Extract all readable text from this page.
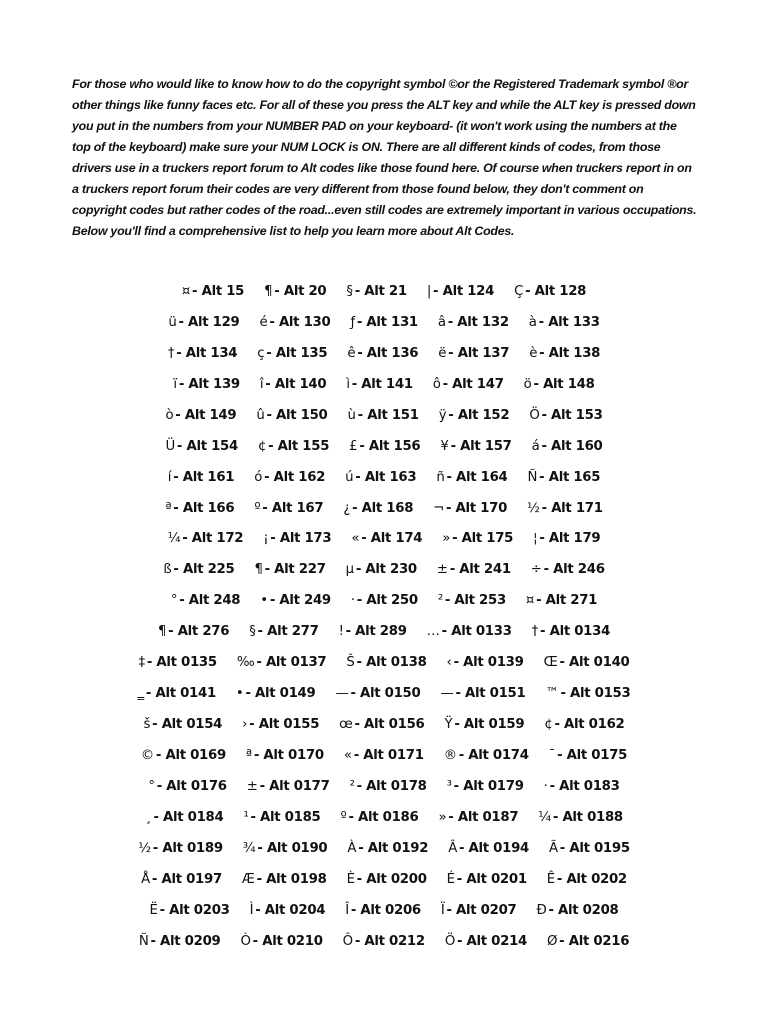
For those who would like to know how to do the copyright symbol ©or the Registered Trademark symbol ®or other things like funny faces etc. For all of these you press the ALT key and while the ALT key is pressed down you put in the numbers from your NUMBER PAD on your keyboard- (it won't work using the numbers at the top of the keyboard) make sure your NUM LOCK is ON. There are all different kinds of codes, from those drivers use in a truckers report forum to Alt codes like those found here. Of course when truckers report in on a truckers report forum their codes are very different from those found below, they don't comment on copyright codes but rather codes of the road...even still codes are extremely important in various occupations. Below you'll find a comprehensive list to help you learn more about Alt Codes.

¤ - Alt 15 ¶ - Alt 20 § - Alt 21 | - Alt 124 Ç - Alt 128
ü - Alt 129 é - Alt 130 ƒ - Alt 131 â - Alt 132 à - Alt 133
† - Alt 134 ç - Alt 135 ê - Alt 136 ë - Alt 137 è - Alt 138
ï - Alt 139 î - Alt 140 ì - Alt 141 ô - Alt 147 ö - Alt 148
ò - Alt 149 û - Alt 150 ù - Alt 151 ÿ - Alt 152 Ö - Alt 153
Ü - Alt 154 ¢ - Alt 155 £ - Alt 156 ¥ - Alt 157 á - Alt 160
í - Alt 161 ó - Alt 162 ú - Alt 163 ñ - Alt 164 Ñ - Alt 165
ª - Alt 166 º - Alt 167 ¿ - Alt 168 ¬ - Alt 170 ½ - Alt 171
¼ - Alt 172 ¡ - Alt 173 « - Alt 174 » - Alt 175 ¦ - Alt 179
ß - Alt 225 ¶ - Alt 227 µ - Alt 230 ± - Alt 241 ÷ - Alt 246
° - Alt 248 • - Alt 249 · - Alt 250 ² - Alt 253 ¤ - Alt 271
¶ - Alt 276 § - Alt 277 ! - Alt 289 … - Alt 0133 † - Alt 0134
‡ - Alt 0135 ‰ - Alt 0137 Š - Alt 0138 ‹ - Alt 0139 Œ - Alt 0140
‗ - Alt 0141 • - Alt 0149 — - Alt 0150 — - Alt 0151 ™ - Alt 0153
š - Alt 0154 › - Alt 0155 œ - Alt 0156 Ÿ - Alt 0159 ¢ - Alt 0162
© - Alt 0169 ª - Alt 0170 « - Alt 0171 ® - Alt 0174 ¯ - Alt 0175
° - Alt 0176 ± - Alt 0177 ² - Alt 0178 ³ - Alt 0179 · - Alt 0183
¸ - Alt 0184 ¹ - Alt 0185 º - Alt 0186 » - Alt 0187 ¼ - Alt 0188
½ - Alt 0189 ¾ - Alt 0190 À - Alt 0192 Â - Alt 0194 Ã - Alt 0195
Å - Alt 0197 Æ - Alt 0198 È - Alt 0200 É - Alt 0201 Ê - Alt 0202
Ë - Alt 0203 Ì - Alt 0204 Î - Alt 0206 Ï - Alt 0207 Ð - Alt 0208
Ñ - Alt 0209 Ò - Alt 0210 Ô - Alt 0212 Ö - Alt 0214 Ø - Alt 0216
